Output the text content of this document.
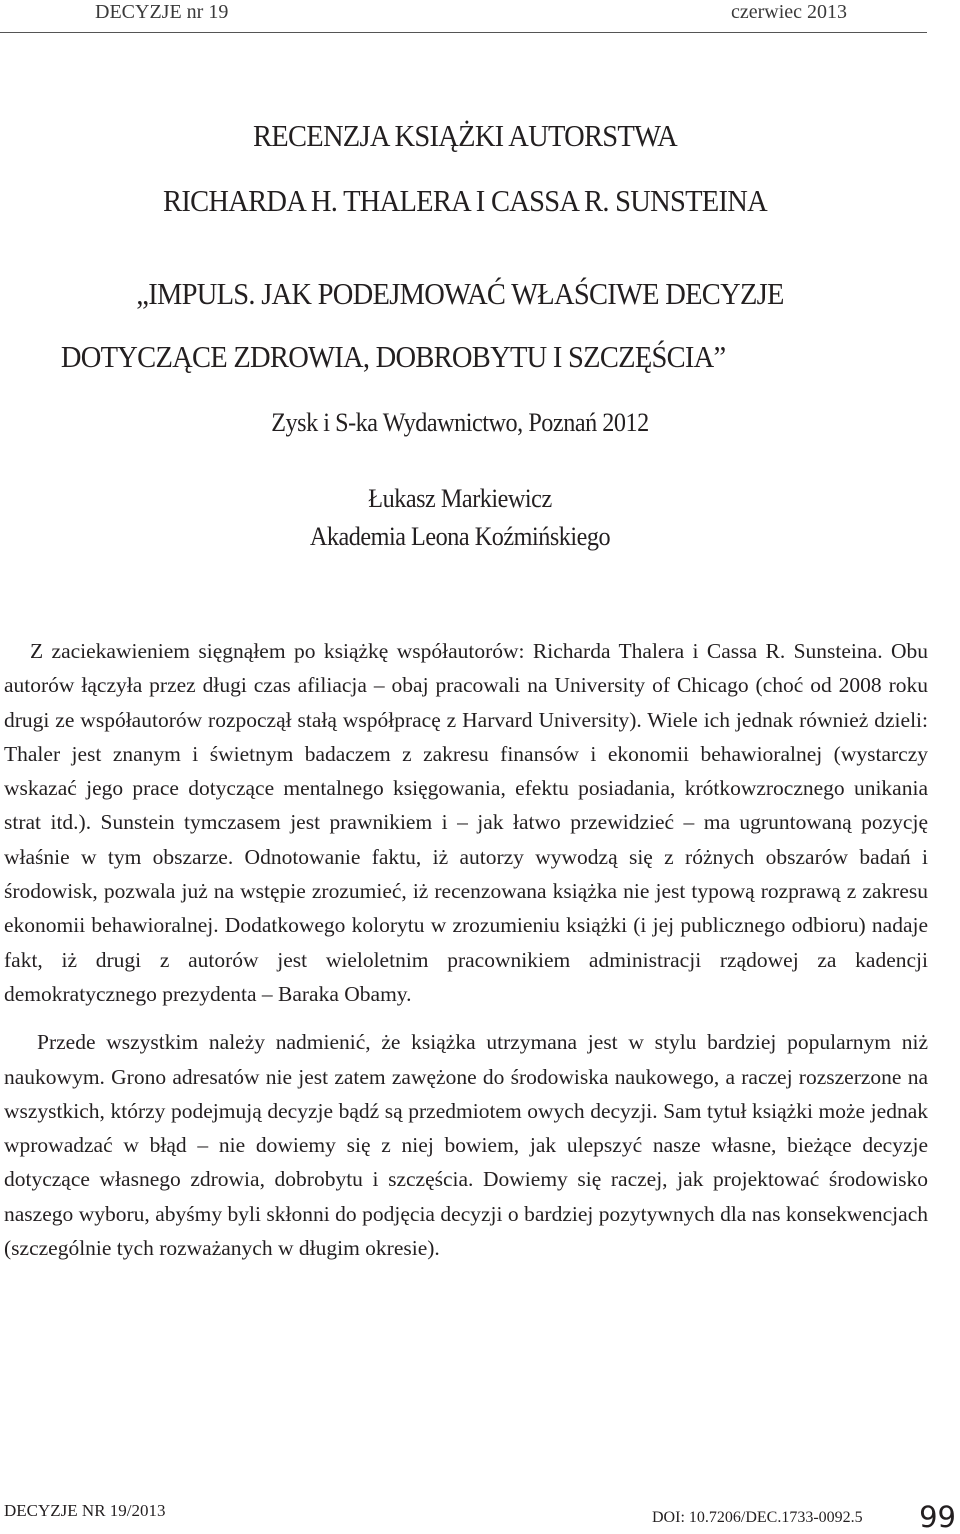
DECYZJE nr 19	czerwiec 2013
RECENZJA KSIĄŻKI AUTORSTWA
RICHARDA H. THALERA I CASSA R. SUNSTEINA
„IMPULS. JAK PODEJMOWAĆ WŁAŚCIWE DECYZJE
DOTYCZĄCE ZDROWIA, DOBROBYTU I SZCZĘŚCIA”
Zysk i S-ka Wydawnictwo, Poznań 2012
Łukasz Markiewicz
Akademia Leona Koźmińskiego

Z zaciekawieniem sięgnąłem po książkę współautorów: Richarda Thalera i Cassa R. Sunsteina. Obu autorów łączyła przez długi czas afiliacja – obaj pracowali na University of Chicago (choć od 2008 roku drugi ze współautorów rozpoczął stałą współpracę z Harvard University). Wiele ich jednak również dzieli: Thaler jest znanym i świetnym badaczem z zakresu finansów i ekonomii behawioralnej (wystarczy wskazać jego prace dotyczące mentalnego księgowania, efektu posiadania, krótkowzrocznego unikania strat itd.). Sunstein tymczasem jest prawnikiem i – jak łatwo przewidzieć – ma ugruntowaną pozycję właśnie w tym obszarze. Odnotowanie faktu, iż autorzy wywodzą się z różnych obszarów badań i środowisk, pozwala już na wstępie zrozumieć, iż recenzowana książka nie jest typową rozprawą z zakresu ekonomii behawioralnej. Dodatkowego kolorytu w zrozumieniu książki (i jej publicznego odbioru) nadaje fakt, iż drugi z autorów jest wieloletnim pracownikiem administracji rządowej za kadencji demokratycznego prezydenta – Baraka Obamy.

Przede wszystkim należy nadmienić, że książka utrzymana jest w stylu bardziej popularnym niż naukowym. Grono adresatów nie jest zatem zawężone do środowiska naukowego, a raczej rozszerzone na wszystkich, którzy podejmują decyzje bądź są przedmiotem owych decyzji. Sam tytuł książki może jednak wprowadzać w błąd – nie dowiemy się z niej bowiem, jak ulepszyć nasze własne, bieżące decyzje dotyczące własnego zdrowia, dobrobytu i szczęścia. Dowiemy się raczej, jak projektować środowisko naszego wyboru, abyśmy byli skłonni do podjęcia decyzji o bardziej pozytywnych dla nas konsekwencjach (szczególnie tych rozważanych w długim okresie).

DECYZJE NR 19/2013	DOI: 10.7206/DEC.1733-0092.5 99
